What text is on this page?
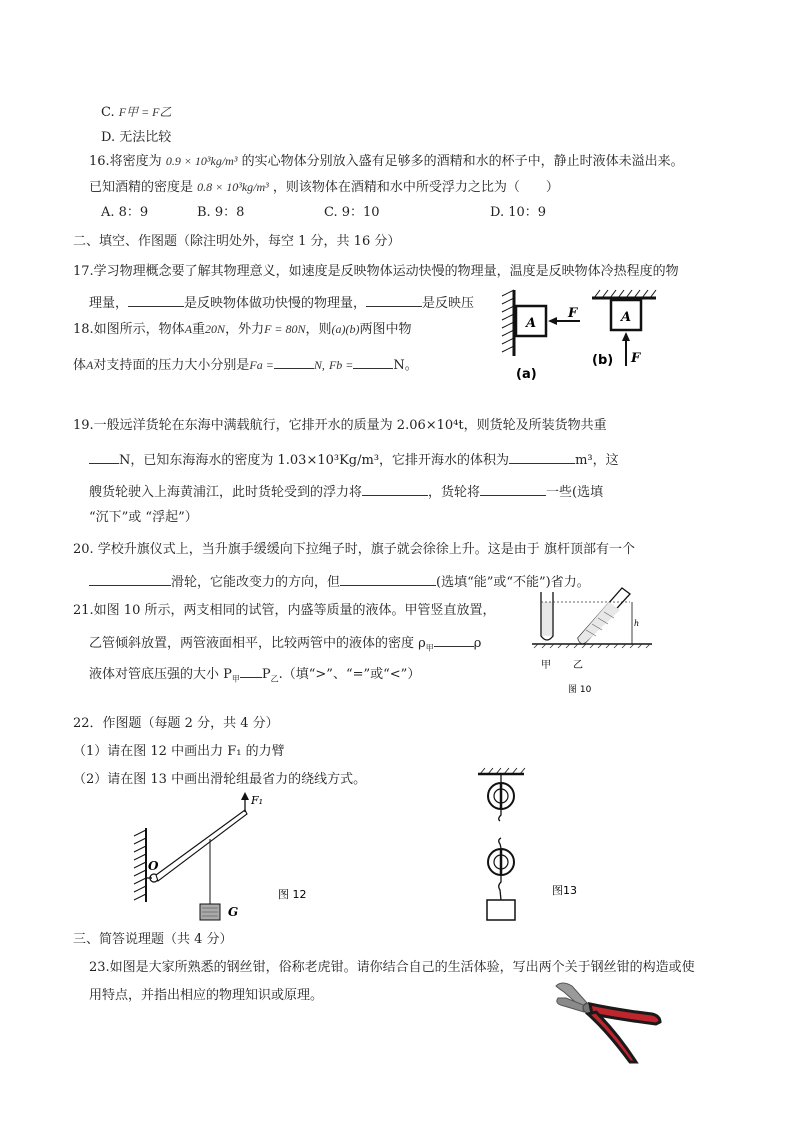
C. F甲 = F乙
D. 无法比较
16.将密度为 0.9 × 10³kg/m³ 的实心物体分别放入盛有足够多的酒精和水的杯子中，静止时液体未溢出来。
已知酒精的密度是 0.8 × 10³kg/m³ ，则该物体在酒精和水中所受浮力之比为（　　）
A. 8：9	B. 9：8	C. 9：10	D. 10：9
二、填空、作图题（除注明处外，每空 1 分，共 16 分）
17.学习物理概念要了解其物理意义，如速度是反映物体运动快慢的物理量，温度是反映物体冷热程度的物
理量，	是反映物体做功快慢的物理量，	是反映压
18.如图所示，物体A重20N，外力F = 80N，则(a)(b)两图中物
体A对支持面的压力大小分别是Fa =	N, Fb =	N。
A
F
(a)
A
F
(b)
19.一般远洋货轮在东海中满载航行，它排开水的质量为 2.06×10⁴t，则货轮及所装货物共重
N，已知东海海水的密度为 1.03×10³Kg/m³，它排开海水的体积为	m³，这
艘货轮驶入上海黄浦江，此时货轮受到的浮力将	，货轮将	一些(选填
“沉下”或 “浮起”）
20. 学校升旗仪式上，当升旗手缓缓向下拉绳子时，旗子就会徐徐上升。这是由于 旗杆顶部有一个
滑轮，它能改变力的方向，但	(选填“能”或“不能”)省力。
21.如图 10 所示，两支相同的试管，内盛等质量的液体。甲管竖直放置，
乙管倾斜放置，两管液面相平，比较两管中的液体的密度 $\rho_甲$	ρ
液体对管底压强的大小 $P_甲$ $P_乙$.（填“>”、“=”或“<”）
h
甲 乙
图 10
22．作图题（每题 2 分，共 4 分）
（1）请在图 12 中画出力 F₁ 的力臂
（2）请在图 13 中画出滑轮组最省力的绕线方式。
F₁
O
G
图 12	图13
三、简答说理题（共 4 分）
23.如图是大家所熟悉的钢丝钳，俗称老虎钳。请你结合自己的生活体验，写出两个关于钢丝钳的构造或使
用特点，并指出相应的物理知识或原理。
